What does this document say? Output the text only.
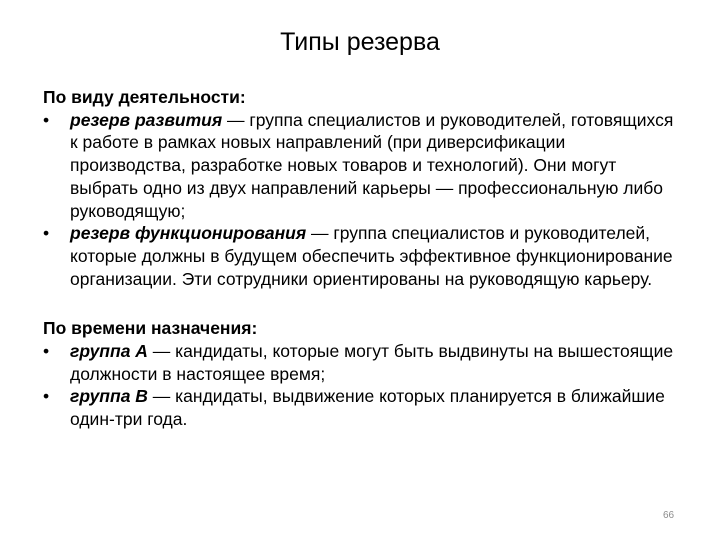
Типы резерва
По виду деятельности:
• резерв развития — группа специалистов и руководителей, готовящихся к работе в рамках новых направлений (при диверсификации производства, разработке новых товаров и технологий). Они могут выбрать одно из двух направлений карьеры — профессиональную либо руководящую;
• резерв функционирования — группа специалистов и руководителей, которые должны в будущем обеспечить эффективное функционирование организации. Эти сотрудники ориентированы на руководящую карьеру.
По времени назначения:
• группа А — кандидаты, которые могут быть выдвинуты на вышестоящие должности в настоящее время;
• группа В — кандидаты, выдвижение которых планируется в ближайшие один-три года.
66
